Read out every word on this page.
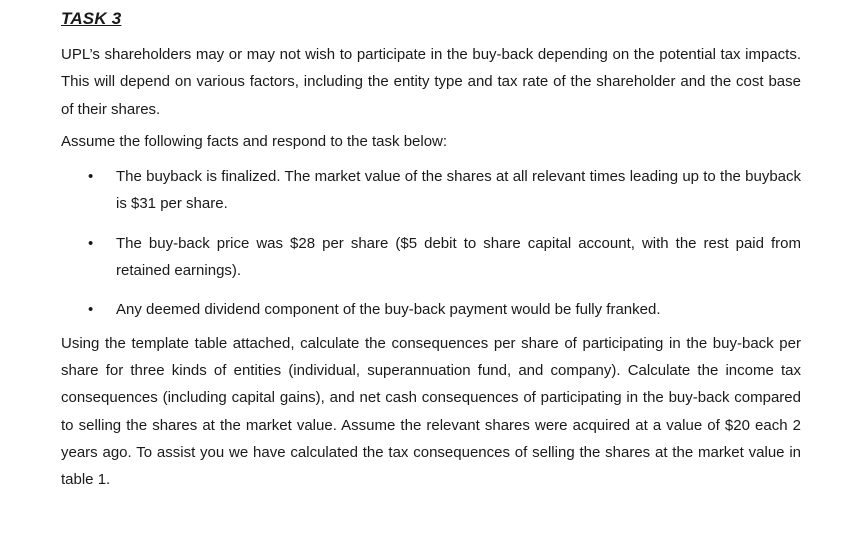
TASK 3

UPL’s shareholders may or may not wish to participate in the buy-back depending on the potential tax impacts. This will depend on various factors, including the entity type and tax rate of the shareholder and the cost base of their shares.

Assume the following facts and respond to the task below:

• The buyback is finalized. The market value of the shares at all relevant times leading up to the buyback is $31 per share.
• The buy-back price was $28 per share ($5 debit to share capital account, with the rest paid from retained earnings).
• Any deemed dividend component of the buy-back payment would be fully franked.

Using the template table attached, calculate the consequences per share of participating in the buy-back per share for three kinds of entities (individual, superannuation fund, and company). Calculate the income tax consequences (including capital gains), and net cash consequences of participating in the buy-back compared to selling the shares at the market value. Assume the relevant shares were acquired at a value of $20 each 2 years ago. To assist you we have calculated the tax consequences of selling the shares at the market value in table 1.
